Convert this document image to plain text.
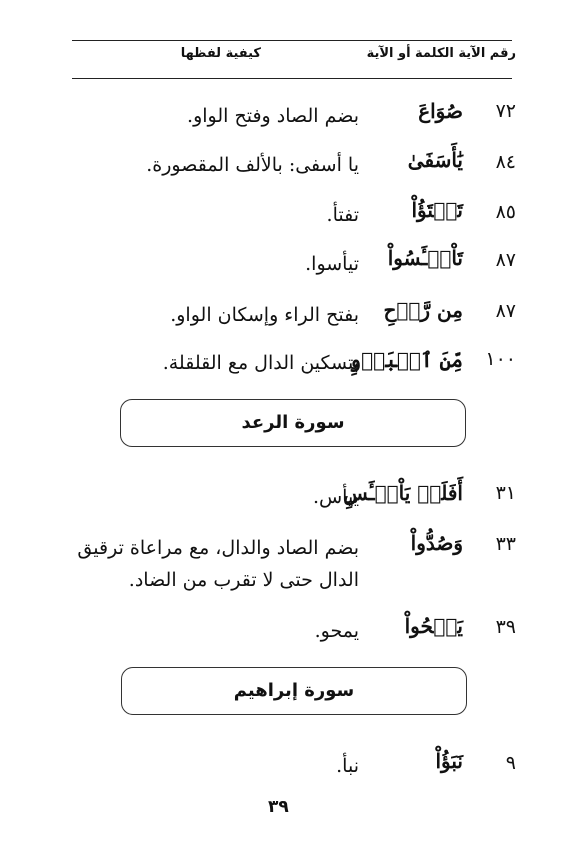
رقم الآية الكلمة أو الآية
كيفية لفظها
٧٢
صُوَاعَ
بضم الصاد وفتح الواو.
٨٤
يَٰأَسَفَىٰ
يا أسفى: بالألف المقصورة.
٨٥
تَفۡتَؤُاْ
تفتأ.
٨٧
تَاْيۡـَٔسُواْ
تيأسوا.
٨٧
مِن رَّوۡحِ
بفتح الراء وإسكان الواو.
١٠٠
مِّنَ ٱلۡبَدۡوِ
بتسكين الدال مع القلقلة.
سورة الرعد
٣١
أَفَلَمۡ يَاْيۡـَٔسِ
ييأس.
٣٣
وَصُدُّواْ
بضم الصاد والدال، مع مراعاة ترقيق
الدال حتى لا تقرب من الضاد.
٣٩
يَمۡحُواْ
يمحو.
سورة إبراهيم
٩
نَبَؤُاْ
نبأ.
٣٩
